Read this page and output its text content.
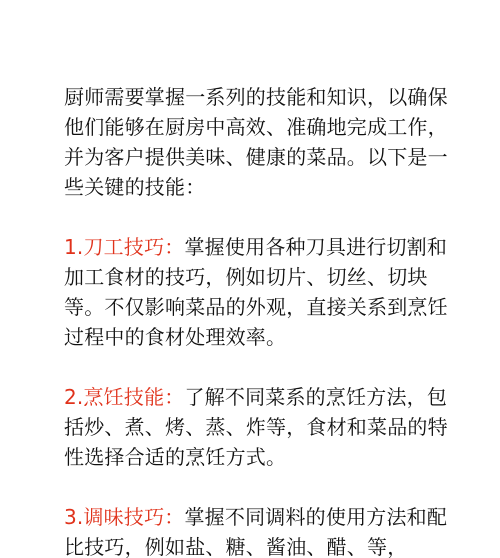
厨师需要掌握一系列的技能和知识，以确保他们能够在厨房中高效、准确地完成工作，并为客户提供美味、健康的菜品。以下是一些关键的技能：

1.刀工技巧：掌握使用各种刀具进行切割和加工食材的技巧，例如切片、切丝、切块等。不仅影响菜品的外观，直接关系到烹饪过程中的食材处理效率。

2.烹饪技能：了解不同菜系的烹饪方法，包括炒、煮、烤、蒸、炸等，食材和菜品的特性选择合适的烹饪方式。

3.调味技巧：掌握不同调料的使用方法和配比技巧，例如盐、糖、酱油、醋、等，
